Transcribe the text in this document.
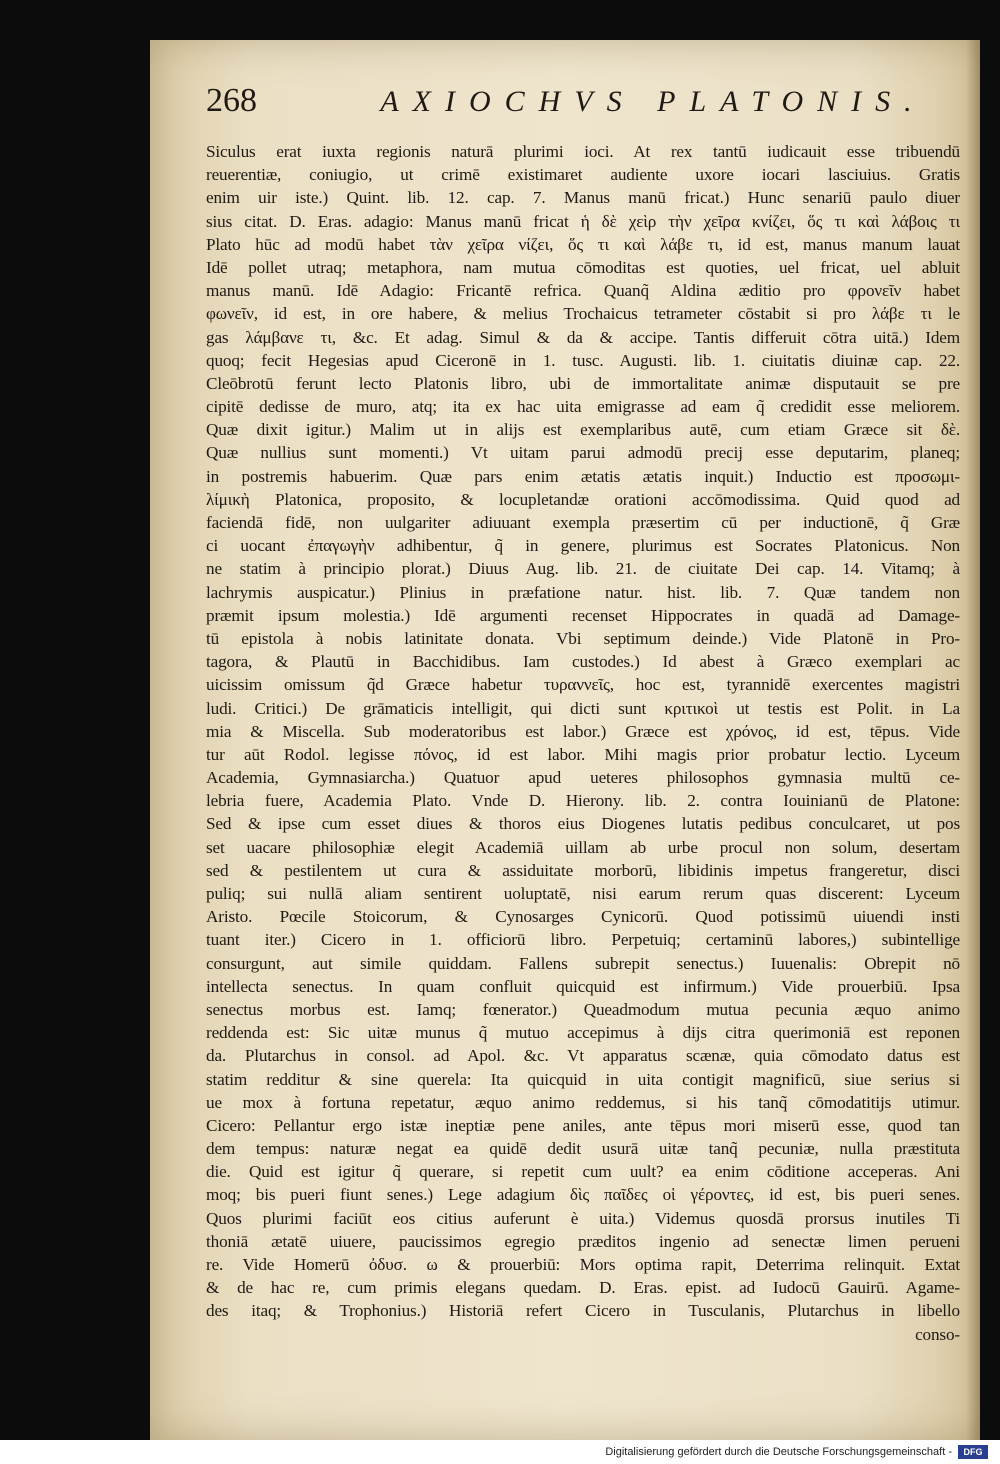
268	AXIOCHVS PLATONIS.
Siculus erat iuxta regionis naturā plurimi ioci. At rex tantū iudicauit esse tribuendū
reuerentiæ, coniugio, ut crimē existimaret audiente uxore iocari lasciuius. Gratis
enim uir iste.) Quint. lib. 12. cap. 7. Manus manū fricat.) Hunc senariū paulo diuer
sius citat. D. Eras. adagio: Manus manū fricat ἡ δὲ χεὶρ τὴν χεῖρα κνίζει, ὅς τι καὶ λάβοις τι
Plato hūc ad modū habet τὰν χεῖρα νίζει, ὅς τι καὶ λάβε τι, id est, manus manum lauat
Idē pollet utraq; metaphora, nam mutua cōmoditas est quoties, uel fricat, uel abluit
manus manū. Idē Adagio: Fricantē refrica. Quanq̃ Aldina æditio pro φρονεῖν habet
φωνεῖν, id est, in ore habere, & melius Trochaicus tetrameter cōstabit si pro λάβε τι le
gas λάμβανε τι, &c. Et adag. Simul & da & accipe. Tantis differuit cōtra uitā.) Idem
quoq; fecit Hegesias apud Ciceronē in 1. tusc. Augusti. lib. 1. ciuitatis diuinæ cap. 22.
Cleōbrotū ferunt lecto Platonis libro, ubi de immortalitate animæ disputauit se pre
cipitē dedisse de muro, atq; ita ex hac uita emigrasse ad eam q̃ credidit esse meliorem.
Quæ dixit igitur.) Malim ut in alijs est exemplaribus autē, cum etiam Græce sit δὲ.
Quæ nullius sunt momenti.) Vt uitam parui admodū precij esse deputarim, planeq;
in postremis habuerim. Quæ pars enim ætatis ætatis inquit.) Inductio est προσωμι-
λίμικὴ Platonica, proposito, & locupletandæ orationi accōmodissima. Quid quod ad
faciendā fidē, non uulgariter adiuuant exempla præsertim cū per inductionē, q̃ Græ
ci uocant ἐπαγωγὴν adhibentur, q̃ in genere, plurimus est Socrates Platonicus. Non
ne statim à principio plorat.) Diuus Aug. lib. 21. de ciuitate Dei cap. 14. Vitamq; à
lachrymis auspicatur.) Plinius in præfatione natur. hist. lib. 7. Quæ tandem non
præmit ipsum molestia.) Idē argumenti recenset Hippocrates in quadā ad Damage-
tū epistola à nobis latinitate donata. Vbi septimum deinde.) Vide Platonē in Pro-
tagora, & Plautū in Bacchidibus. Iam custodes.) Id abest à Græco exemplari ac
uicissim omissum q̃d Græce habetur τυραννεῖς, hoc est, tyrannidē exercentes magistri
ludi. Critici.) De grāmaticis intelligit, qui dicti sunt κριτικοὶ ut testis est Polit. in La
mia & Miscella. Sub moderatoribus est labor.) Græce est χρόνος, id est, tēpus. Vide
tur aūt Rodol. legisse πόνος, id est labor. Mihi magis prior probatur lectio. Lyceum
Academia, Gymnasiarcha.) Quatuor apud ueteres philosophos gymnasia multū ce-
lebria fuere, Academia Plato. Vnde D. Hierony. lib. 2. contra Iouinianū de Platone:
Sed & ipse cum esset diues & thoros eius Diogenes lutatis pedibus conculcaret, ut pos
set uacare philosophiæ elegit Academiā uillam ab urbe procul non solum, desertam
sed & pestilentem ut cura & assiduitate morborū, libidinis impetus frangeretur, disci
puliq; sui nullā aliam sentirent uoluptatē, nisi earum rerum quas discerent: Lyceum
Aristo. Pœcile Stoicorum, & Cynosarges Cynicorū. Quod potissimū uiuendi insti
tuant iter.) Cicero in 1. officiorū libro. Perpetuiq; certaminū labores,) subintellige
consurgunt, aut simile quiddam. Fallens subrepit senectus.) Iuuenalis: Obrepit nō
intellecta senectus. In quam confluit quicquid est infirmum.) Vide prouerbiū. Ipsa
senectus morbus est. Iamq; fœnerator.) Queadmodum mutua pecunia æquo animo
reddenda est: Sic uitæ munus q̃ mutuo accepimus à dijs citra querimoniā est reponen
da. Plutarchus in consol. ad Apol. &c. Vt apparatus scænæ, quia cōmodato datus est
statim redditur & sine querela: Ita quicquid in uita contigit magnificū, siue serius si
ue mox à fortuna repetatur, æquo animo reddemus, si his tanq̃ cōmodatitijs utimur.
Cicero: Pellantur ergo istæ ineptiæ pene aniles, ante tēpus mori miserū esse, quod tan
dem tempus: naturæ negat ea quidē dedit usurā uitæ tanq̃ pecuniæ, nulla præstituta
die. Quid est igitur q̃ querare, si repetit cum uult? ea enim cōditione acceperas. Ani
moq; bis pueri fiunt senes.) Lege adagium δὶς παῖδες οἱ γέροντες, id est, bis pueri senes.
Quos plurimi faciūt eos citius auferunt è uita.) Videmus quosdā prorsus inutiles Ti
thoniā ætatē uiuere, paucissimos egregio præditos ingenio ad senectæ limen perueni
re. Vide Homerū ὀδυσ. ω & prouerbiū: Mors optima rapit, Deterrima relinquit. Extat
& de hac re, cum primis elegans quedam. D. Eras. epist. ad Iudocū Gauirū. Agame-
des itaq; & Trophonius.) Historiā refert Cicero in Tusculanis, Plutarchus in libello
conso-
Digitalisierung gefördert durch die Deutsche Forschungsgemeinschaft -	DFG
